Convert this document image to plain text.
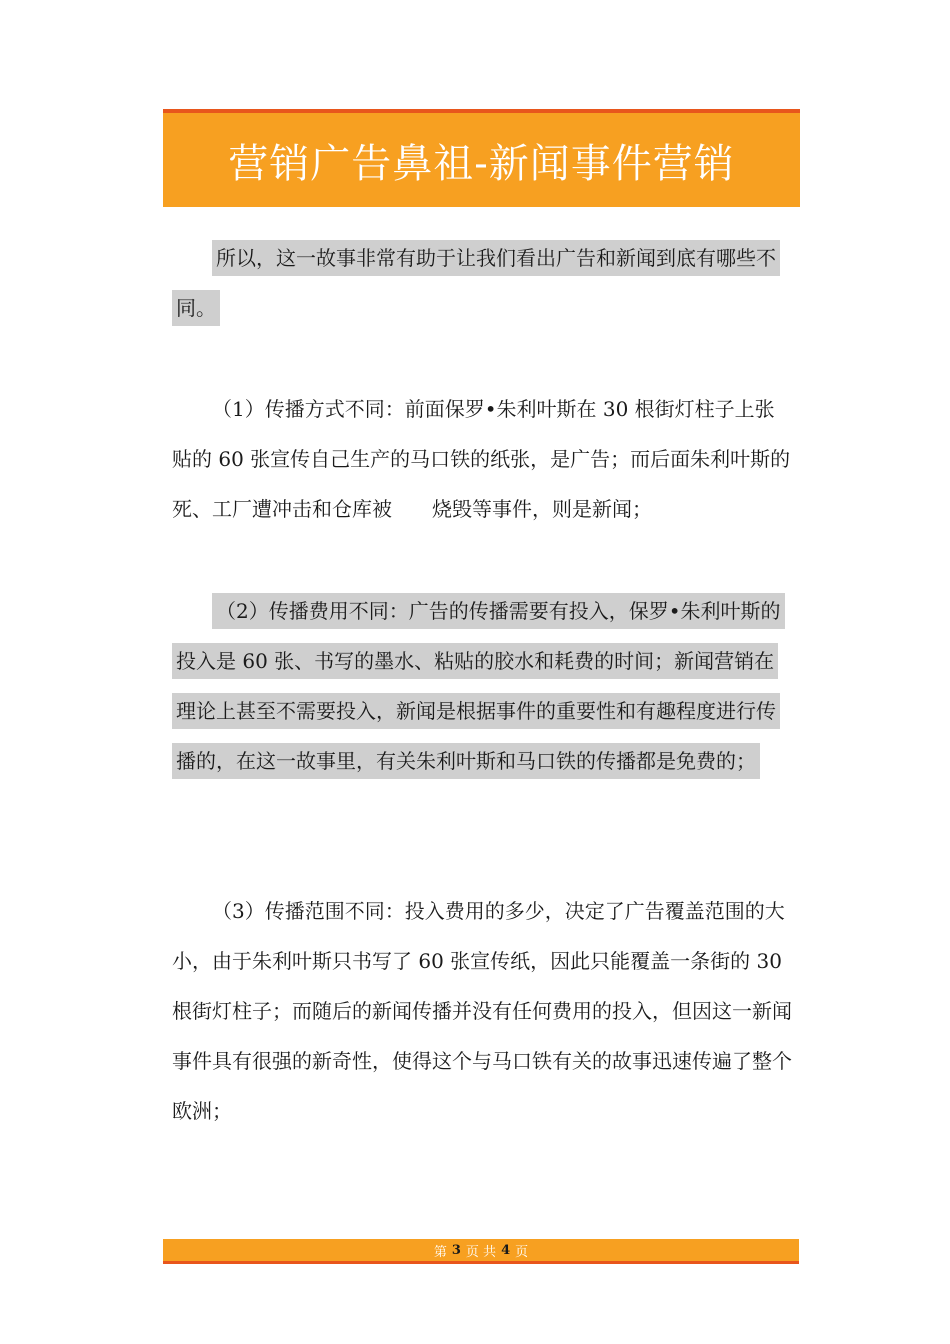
营销广告鼻祖-新闻事件营销

所以，这一故事非常有助于让我们看出广告和新闻到底有哪些不同。

（1）传播方式不同：前面保罗•朱利叶斯在 30 根街灯柱子上张贴的 60 张宣传自己生产的马口铁的纸张，是广告；而后面朱利叶斯的死、工厂遭冲击和仓库被　　烧毁等事件，则是新闻；

（2）传播费用不同：广告的传播需要有投入，保罗•朱利叶斯的投入是 60 张、书写的墨水、粘贴的胶水和耗费的时间；新闻营销在理论上甚至不需要投入，新闻是根据事件的重要性和有趣程度进行传播的，在这一故事里，有关朱利叶斯和马口铁的传播都是免费的；

（3）传播范围不同：投入费用的多少，决定了广告覆盖范围的大小，由于朱利叶斯只书写了 60 张宣传纸，因此只能覆盖一条街的 30 根街灯柱子；而随后的新闻传播并没有任何费用的投入，但因这一新闻事件具有很强的新奇性，使得这个与马口铁有关的故事迅速传遍了整个欧洲；

第 3 页 共 4 页
